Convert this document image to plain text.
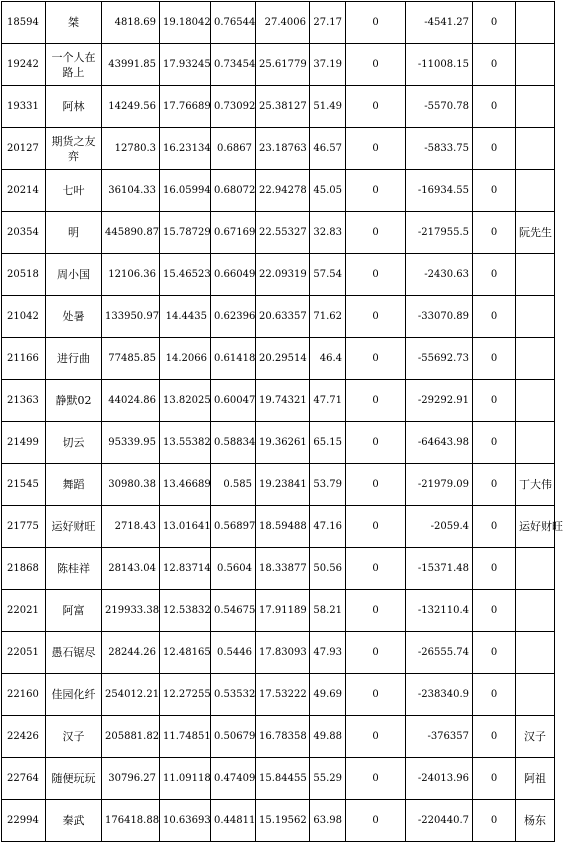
18594	桀	4818.69	19.18042	0.76544	27.4006	27.17	0	-4541.27	0	
19242	一个人在路上	43991.85	17.93245	0.73454	25.61779	37.19	0	-11008.15	0	
19331	阿林	14249.56	17.76689	0.73092	25.38127	51.49	0	-5570.78	0	
20127	期货之友弈	12780.3	16.23134	0.6867	23.18763	46.57	0	-5833.75	0	
20214	七叶	36104.33	16.05994	0.68072	22.94278	45.05	0	-16934.55	0	
20354	明	445890.87	15.78729	0.67169	22.55327	32.83	0	-217955.5	0	阮先生
20518	周小国	12106.36	15.46523	0.66049	22.09319	57.54	0	-2430.63	0	
21042	处暑	133950.97	14.4435	0.62396	20.63357	71.62	0	-33070.89	0	
21166	进行曲	77485.85	14.2066	0.61418	20.29514	46.4	0	-55692.73	0	
21363	静默02	44024.86	13.82025	0.60047	19.74321	47.71	0	-29292.91	0	
21499	切云	95339.95	13.55382	0.58834	19.36261	65.15	0	-64643.98	0	
21545	舞蹈	30980.38	13.46689	0.585	19.23841	53.79	0	-21979.09	0	丁大伟
21775	运好财旺	2718.43	13.01641	0.56897	18.59488	47.16	0	-2059.4	0	运好财旺
21868	陈桂祥	28143.04	12.83714	0.5604	18.33877	50.56	0	-15371.48	0	
22021	阿富	219933.38	12.53832	0.54675	17.91189	58.21	0	-132110.4	0	
22051	愚石锯尽	28244.26	12.48165	0.5446	17.83093	47.93	0	-26555.74	0	
22160	佳园化纤	254012.21	12.27255	0.53532	17.53222	49.69	0	-238340.9	0	
22426	汉子	205881.82	11.74851	0.50679	16.78358	49.88	0	-376357	0	汉子
22764	随便玩玩	30796.27	11.09118	0.47409	15.84455	55.29	0	-24013.96	0	阿祖
22994	秦武	176418.88	10.63693	0.44811	15.19562	63.98	0	-220440.7	0	杨东
